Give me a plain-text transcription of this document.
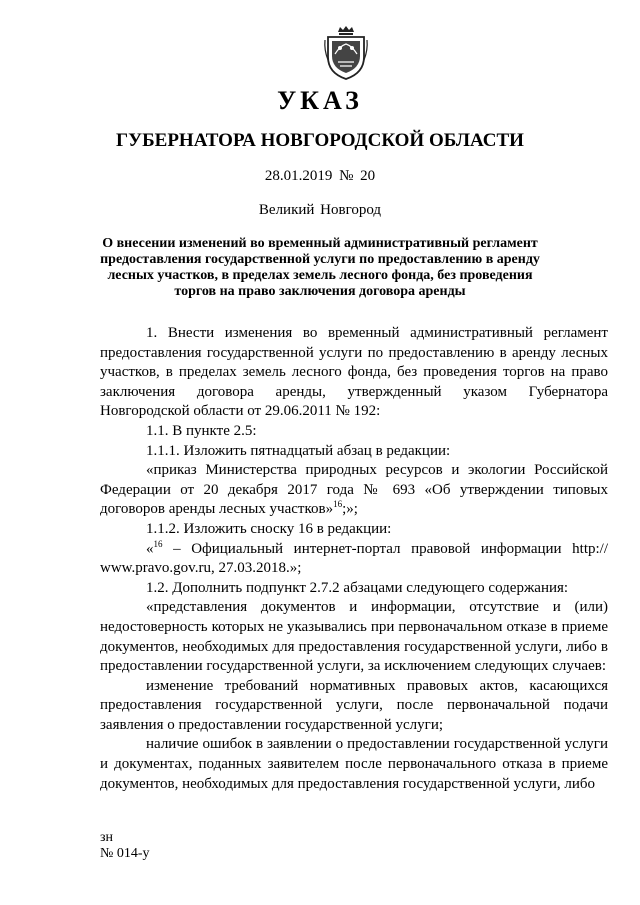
УКАЗ
ГУБЕРНАТОРА НОВГОРОДСКОЙ ОБЛАСТИ
28.01.2019 № 20
Великий Новгород
О внесении изменений во временный административный регламент
предоставления государственной услуги по предоставлению в аренду
лесных участков, в пределах земель лесного фонда, без проведения
торгов на право заключения договора аренды

1. Внести изменения во временный административный регламент предоставления государственной услуги по предоставлению в аренду лесных участков, в пределах земель лесного фонда, без проведения торгов на право заключения договора аренды, утвержденный указом Губернатора Новгородской области от 29.06.2011 № 192:

1.1. В пункте 2.5:

1.1.1. Изложить пятнадцатый абзац в редакции:

«приказ Министерства природных ресурсов и экологии Российской Федерации от 20 декабря 2017 года № 693 «Об утверждении типовых договоров аренды лесных участков»$^{16}$;»;

1.1.2. Изложить сноску 16 в редакции:

«$^{16}$ – Официальный интернет-портал правовой информации http:// www.pravo.gov.ru, 27.03.2018.»;

1.2. Дополнить подпункт 2.7.2 абзацами следующего содержания:

«представления документов и информации, отсутствие и (или) недостоверность которых не указывались при первоначальном отказе в приеме документов, необходимых для предоставления государственной услуги, либо в предоставлении государственной услуги, за исключением следующих случаев:

изменение требований нормативных правовых актов, касающихся предоставления государственной услуги, после первоначальной подачи заявления о предоставлении государственной услуги;

наличие ошибок в заявлении о предоставлении государственной услуги и документах, поданных заявителем после первоначального отказа в приеме документов, необходимых для предоставления государственной услуги, либо

зн
№ 014-у
